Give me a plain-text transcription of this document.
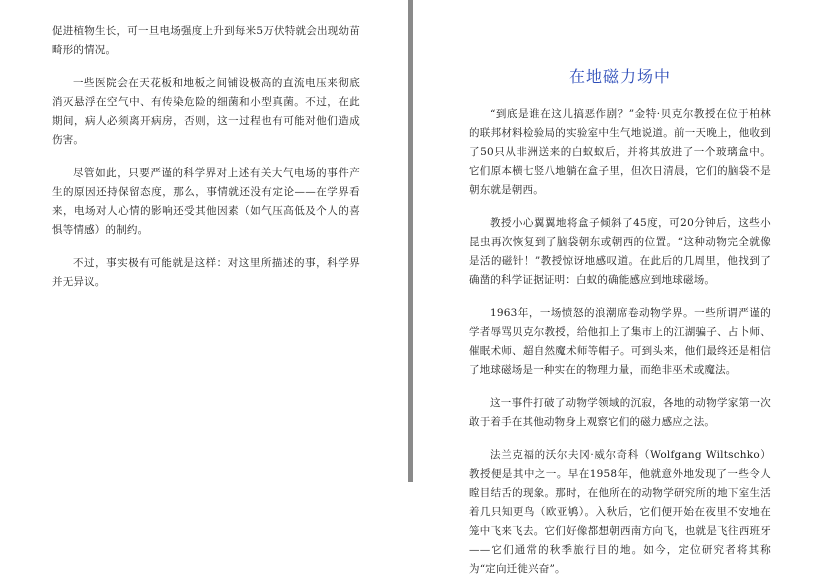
促进植物生长，可一旦电场强度上升到每米5万伏特就会出现幼苗畸形的情况。

一些医院会在天花板和地板之间铺设极高的直流电压来彻底消灭悬浮在空气中、有传染危险的细菌和小型真菌。不过，在此期间，病人必须离开病房，否则，这一过程也有可能对他们造成伤害。

尽管如此，只要严谨的科学界对上述有关大气电场的事件产生的原因还持保留态度，那么，事情就还没有定论——在学界看来，电场对人心情的影响还受其他因素（如气压高低及个人的喜惧等情感）的制约。

不过，事实极有可能就是这样：对这里所描述的事，科学界并无异议。

在地磁力场中

“到底是谁在这儿搞恶作剧？”金特·贝克尔教授在位于柏林的联邦材料检验局的实验室中生气地说道。前一天晚上，他收到了50只从非洲送来的白蚁蚁后，并将其放进了一个玻璃盒中。它们原本横七竖八地躺在盒子里，但次日清晨，它们的脑袋不是朝东就是朝西。

教授小心翼翼地将盒子倾斜了45度，可20分钟后，这些小昆虫再次恢复到了脑袋朝东或朝西的位置。“这种动物完全就像是活的磁针！”教授惊讶地感叹道。在此后的几周里，他找到了确凿的科学证据证明：白蚁的确能感应到地球磁场。

1963年，一场愤怒的浪潮席卷动物学界。一些所谓严谨的学者辱骂贝克尔教授，给他扣上了集市上的江湖骗子、占卜师、催眠术师、超自然魔术师等帽子。可到头来，他们最终还是相信了地球磁场是一种实在的物理力量，而绝非巫术或魔法。

这一事件打破了动物学领域的沉寂，各地的动物学家第一次敢于着手在其他动物身上观察它们的磁力感应之法。

法兰克福的沃尔夫冈·威尔奇科（Wolfgang Wiltschko）教授便是其中之一。早在1958年，他就意外地发现了一些令人瞠目结舌的现象。那时，在他所在的动物学研究所的地下室生活着几只知更鸟（欧亚鸲）。入秋后，它们便开始在夜里不安地在笼中飞来飞去。它们好像都想朝西南方向飞，也就是飞往西班牙——它们通常的秋季旅行目的地。如今，定位研究者将其称为“定向迁徙兴奋”。
